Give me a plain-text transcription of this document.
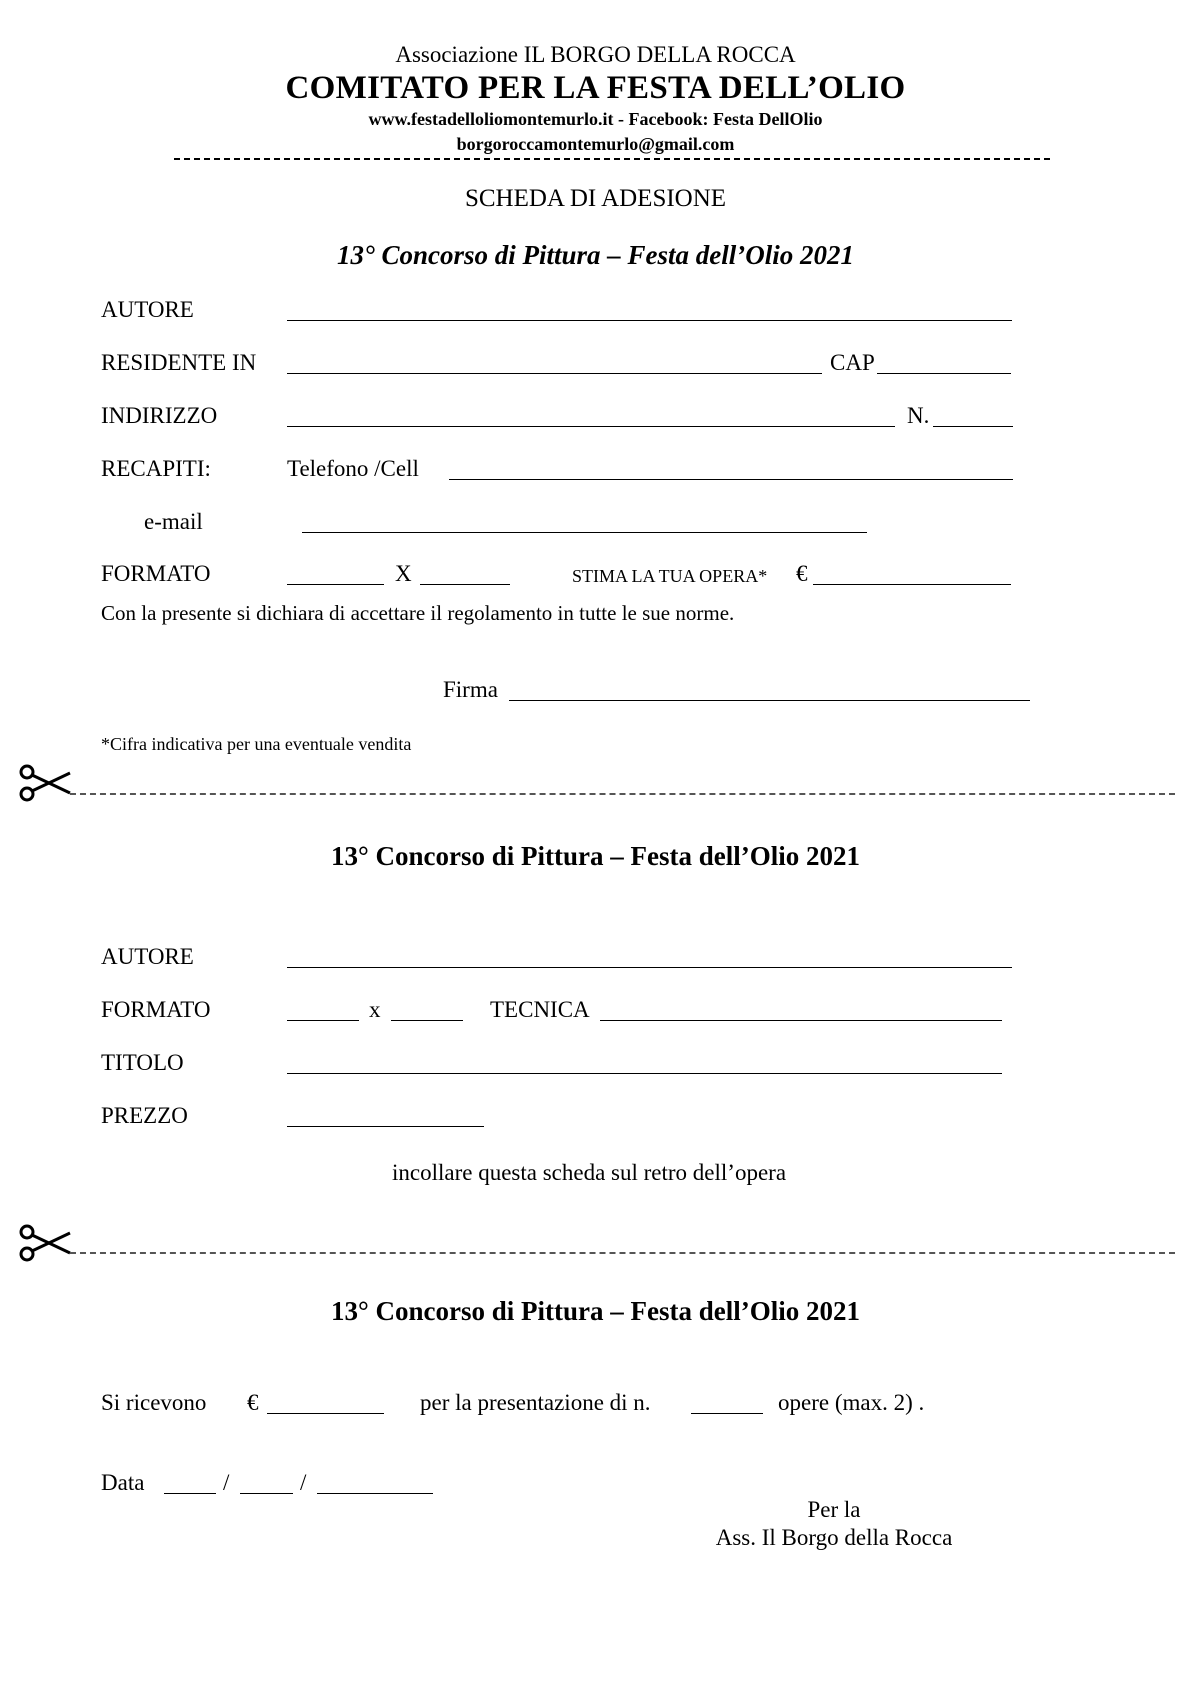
Associazione IL BORGO DELLA ROCCA
COMITATO PER LA FESTA DELL’OLIO
www.festadelloliomontemurlo.it - Facebook: Festa DellOlio
borgoroccamontemurlo@gmail.com
SCHEDA DI ADESIONE
13° Concorso di Pittura – Festa dell’Olio 2021
AUTORE
RESIDENTE IN	CAP
INDIRIZZO	N.
RECAPITI:	Telefono /Cell
e-mail
FORMATO	X	STIMA LA TUA OPERA* €
Con la presente si dichiara di accettare il regolamento in tutte le sue norme.
Firma
*Cifra indicativa per una eventuale vendita
13° Concorso di Pittura – Festa dell’Olio 2021
AUTORE
FORMATO	x	TECNICA
TITOLO
PREZZO
incollare questa scheda sul retro dell’opera
13° Concorso di Pittura – Festa dell’Olio 2021
Si ricevono €	per la presentazione di n.	opere (max. 2) .
Data	/	/
Per la
Ass. Il Borgo della Rocca
